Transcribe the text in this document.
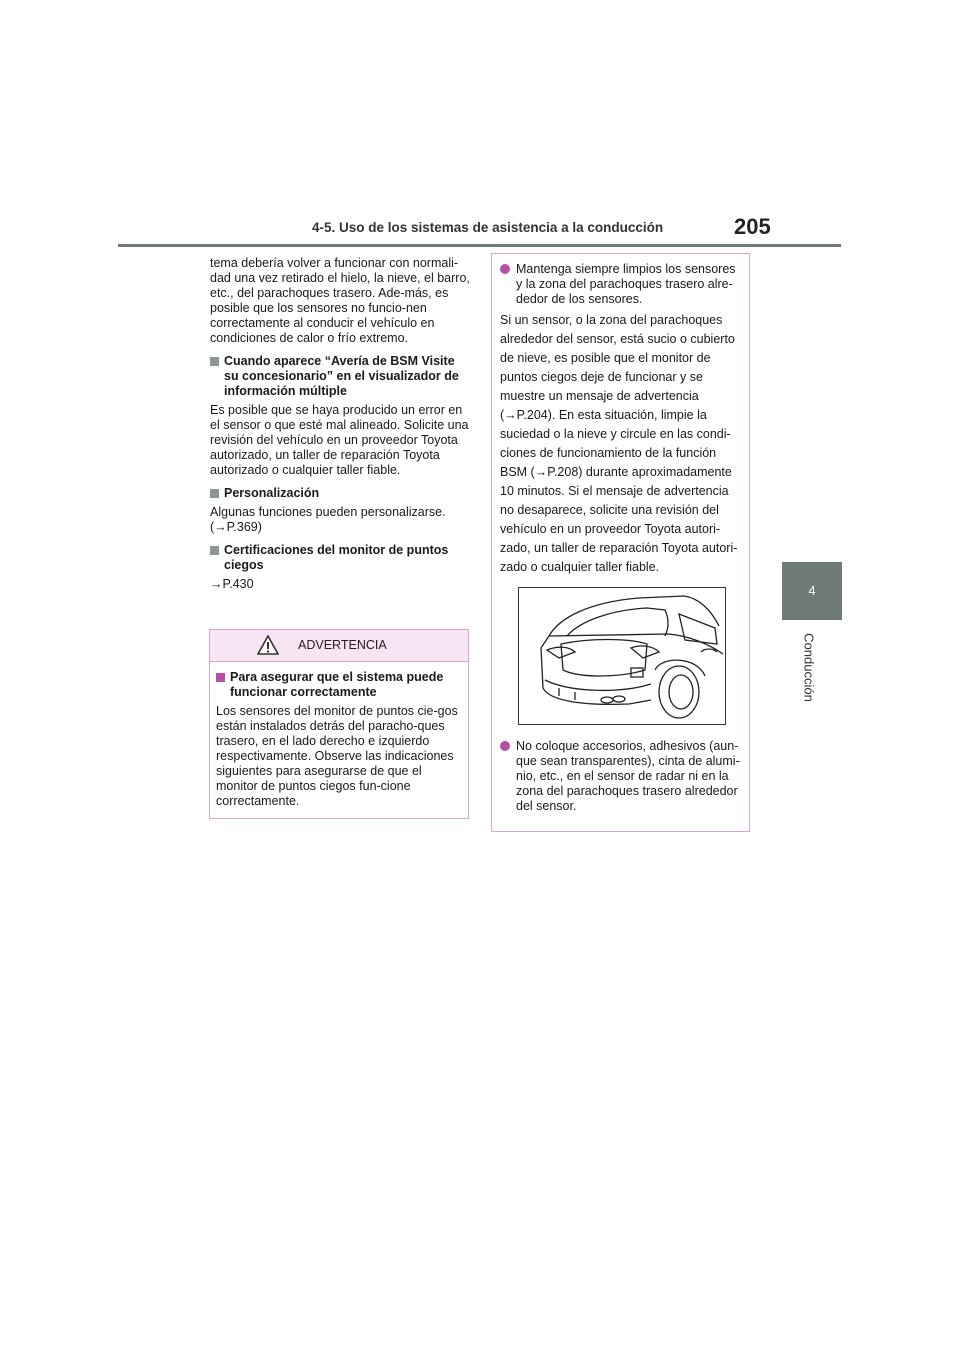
4-5. Uso de los sistemas de asistencia a la conducción	205
4
Conducción

tema debería volver a funcionar con normali-dad una vez retirado el hielo, la nieve, el barro, etc., del parachoques trasero. Ade-más, es posible que los sensores no funcio-nen correctamente al conducir el vehículo en condiciones de calor o frío extremo.

Cuando aparece “Avería de BSM Visite su concesionario” en el visualizador de información múltiple

Es posible que se haya producido un error en el sensor o que esté mal alineado. Solicite una revisión del vehículo en un proveedor Toyota autorizado, un taller de reparación Toyota autorizado o cualquier taller fiable.

Personalización

Algunas funciones pueden personalizarse. (→P.369)

Certificaciones del monitor de puntos ciegos

→P.430

ADVERTENCIA
Para asegurar que el sistema puede funcionar correctamente
Los sensores del monitor de puntos cie-gos están instalados detrás del paracho-ques trasero, en el lado derecho e izquierdo respectivamente. Observe las indicaciones siguientes para asegurarse de que el monitor de puntos ciegos fun-cione correctamente.
Mantenga siempre limpios los sensores y la zona del parachoques trasero alre-dedor de los sensores.
Si un sensor, o la zona del parachoques
alrededor del sensor, está sucio o cubierto
de nieve, es posible que el monitor de
puntos ciegos deje de funcionar y se
muestre un mensaje de advertencia
(→P.204). En esta situación, limpie la
suciedad o la nieve y circule en las condi-
ciones de funcionamiento de la función
BSM (→P.208) durante aproximadamente
10 minutos. Si el mensaje de advertencia
no desaparece, solicite una revisión del
vehículo en un proveedor Toyota autori-
zado, un taller de reparación Toyota autori-
zado o cualquier taller fiable.
No coloque accesorios, adhesivos (aun-que sean transparentes), cinta de alumi-nio, etc., en el sensor de radar ni en la zona del parachoques trasero alrededor del sensor.
